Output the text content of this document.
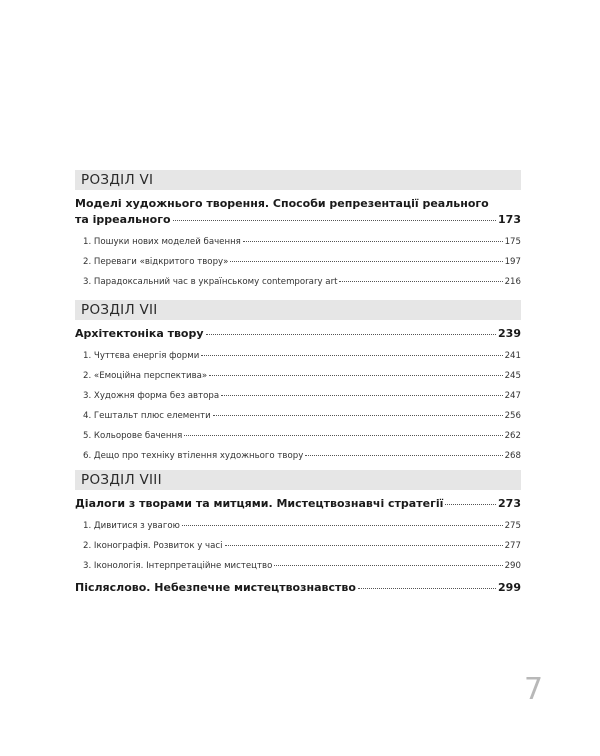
РОЗДІЛ VI
Моделі художнього творення. Способи репрезентації реального
та ірреального	173
1. Пошуки нових моделей бачення	175
2. Переваги «відкритого твору»	197
3. Парадоксальний час в українському contemporary art	216
РОЗДІЛ VII
Архітектоніка твору	239
1. Чуттєва енергія форми	241
2. «Емоційна перспектива»	245
3. Художня форма без автора	247
4. Гештальт плюс елементи	256
5. Кольорове бачення	262
6. Дещо про техніку втілення художнього твору	268
РОЗДІЛ VIII
Діалоги з творами та митцями. Мистецтвознавчі стратегії	273
1. Дивитися з увагою	275
2. Іконографія. Розвиток у часі	277
3. Іконологія. Інтерпретаційне мистецтво	290
Післяслово. Небезпечне мистецтвознавство	299
7
